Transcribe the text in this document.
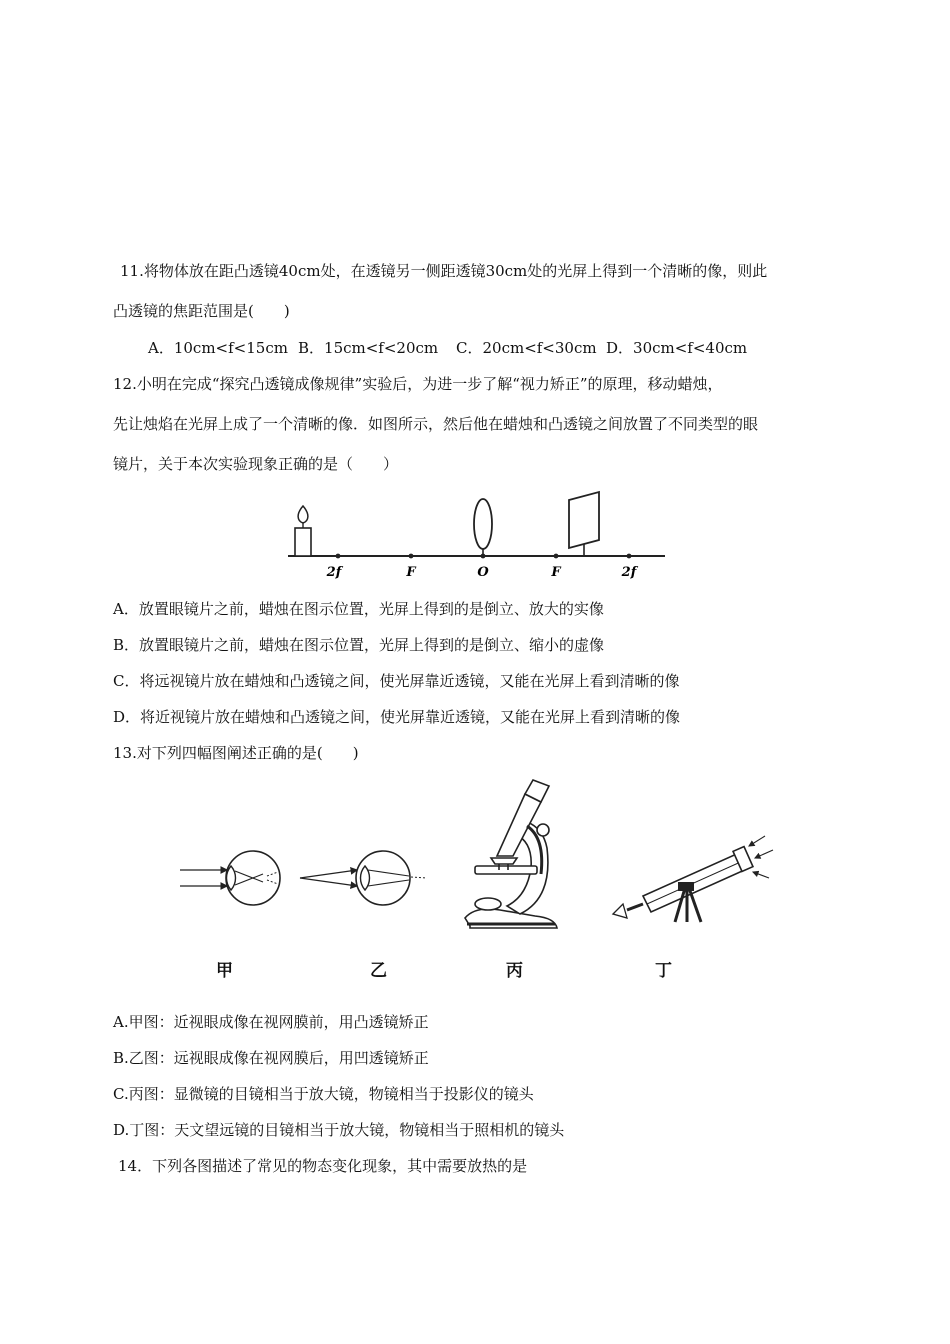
11.将物体放在距凸透镜40cm处，在透镜另一侧距透镜30cm处的光屏上得到一个清晰的像，则此
凸透镜的焦距范围是(　　)
A．10cm<f<15cm B．15cm<f<20cm C．20cm<f<30cm D．30cm<f<40cm
12.小明在完成“探究凸透镜成像规律”实验后，为进一步了解“视力矫正”的原理，移动蜡烛，
先让烛焰在光屏上成了一个清晰的像．如图所示，然后他在蜡烛和凸透镜之间放置了不同类型的眼
镜片，关于本次实验现象正确的是（　　）
2f	F	O	F	2f
A．放置眼镜片之前，蜡烛在图示位置，光屏上得到的是倒立、放大的实像
B．放置眼镜片之前，蜡烛在图示位置，光屏上得到的是倒立、缩小的虚像
C．将远视镜片放在蜡烛和凸透镜之间，使光屏靠近透镜，又能在光屏上看到清晰的像
D．将近视镜片放在蜡烛和凸透镜之间，使光屏靠近透镜，又能在光屏上看到清晰的像
13.对下列四幅图阐述正确的是(　　)
甲	乙	丙	丁
A.甲图：近视眼成像在视网膜前，用凸透镜矫正
B.乙图：远视眼成像在视网膜后，用凹透镜矫正
C.丙图：显微镜的目镜相当于放大镜，物镜相当于投影仪的镜头
D.丁图：天文望远镜的目镜相当于放大镜，物镜相当于照相机的镜头
14．下列各图描述了常见的物态变化现象，其中需要放热的是
